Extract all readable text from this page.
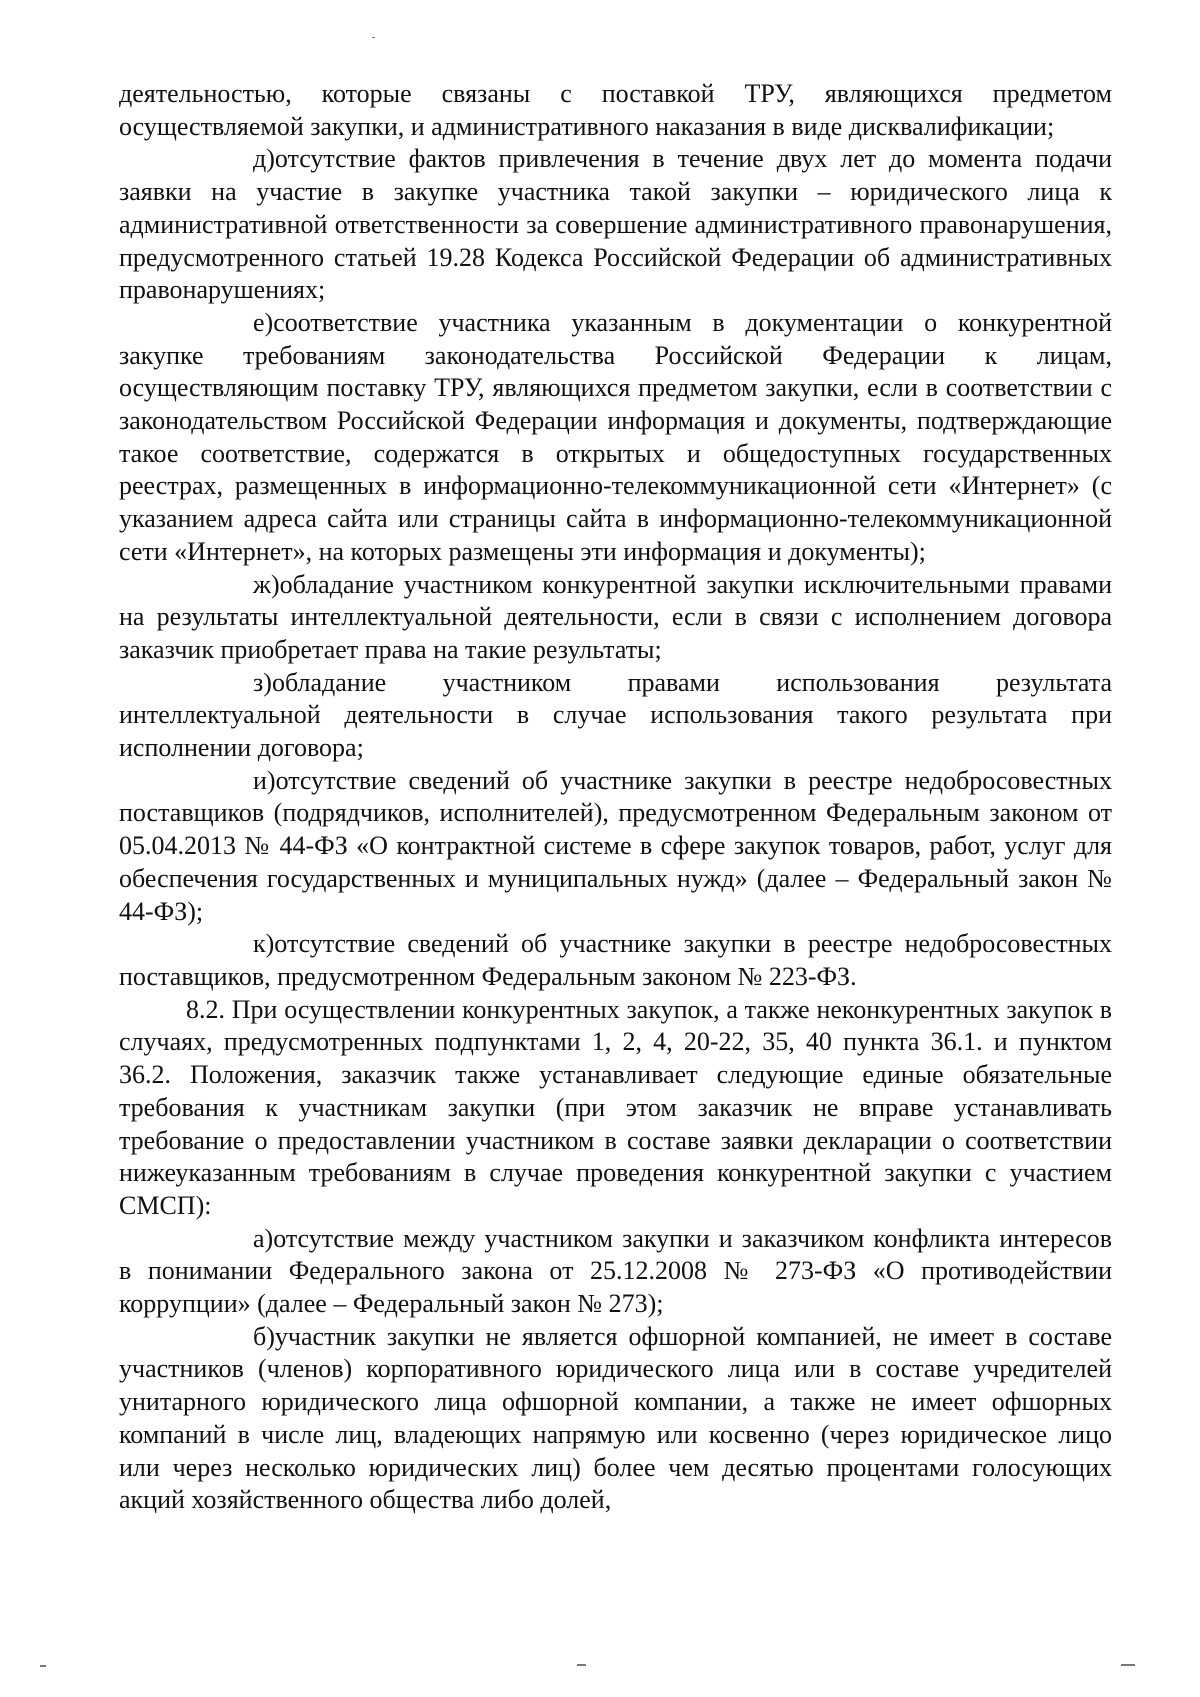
деятельностью, которые связаны с поставкой ТРУ, являющихся предметом осуществляемой закупки, и административного наказания в виде дисквалификации;

д)отсутствие фактов привлечения в течение двух лет до момента подачи заявки на участие в закупке участника такой закупки – юридического лица к административной ответственности за совершение административного правонарушения, предусмотренного статьей 19.28 Кодекса Российской Федерации об административных правонарушениях;

е)соответствие участника указанным в документации о конкурентной закупке требованиям законодательства Российской Федерации к лицам, осуществляющим поставку ТРУ, являющихся предметом закупки, если в соответствии с законодательством Российской Федерации информация и документы, подтверждающие такое соответствие, содержатся в открытых и общедоступных государственных реестрах, размещенных в информационно-телекоммуникационной сети «Интернет» (с указанием адреса сайта или страницы сайта в информационно-телекоммуникационной сети «Интернет», на которых размещены эти информация и документы);

ж)обладание участником конкурентной закупки исключительными правами на результаты интеллектуальной деятельности, если в связи с исполнением договора заказчик приобретает права на такие результаты;

з)обладание участником правами использования результата интеллектуальной деятельности в случае использования такого результата при исполнении договора;

и)отсутствие сведений об участнике закупки в реестре недобросовестных поставщиков (подрядчиков, исполнителей), предусмотренном Федеральным законом от 05.04.2013 № 44-ФЗ «О контрактной системе в сфере закупок товаров, работ, услуг для обеспечения государственных и муниципальных нужд» (далее – Федеральный закон № 44-ФЗ);

к)отсутствие сведений об участнике закупки в реестре недобросовестных поставщиков, предусмотренном Федеральным законом № 223-ФЗ.

8.2. При осуществлении конкурентных закупок, а также неконкурентных закупок в случаях, предусмотренных подпунктами 1, 2, 4, 20-22, 35, 40 пункта 36.1. и пунктом 36.2. Положения, заказчик также устанавливает следующие единые обязательные требования к участникам закупки (при этом заказчик не вправе устанавливать требование о предоставлении участником в составе заявки декларации о соответствии нижеуказанным требованиям в случае проведения конкурентной закупки с участием СМСП):

а)отсутствие между участником закупки и заказчиком конфликта интересов в понимании Федерального закона от 25.12.2008 № 273-ФЗ «О противодействии коррупции» (далее – Федеральный закон № 273);

б)участник закупки не является офшорной компанией, не имеет в составе участников (членов) корпоративного юридического лица или в составе учредителей унитарного юридического лица офшорной компании, а также не имеет офшорных компаний в числе лиц, владеющих напрямую или косвенно (через юридическое лицо или через несколько юридических лиц) более чем десятью процентами голосующих акций хозяйственного общества либо долей,
